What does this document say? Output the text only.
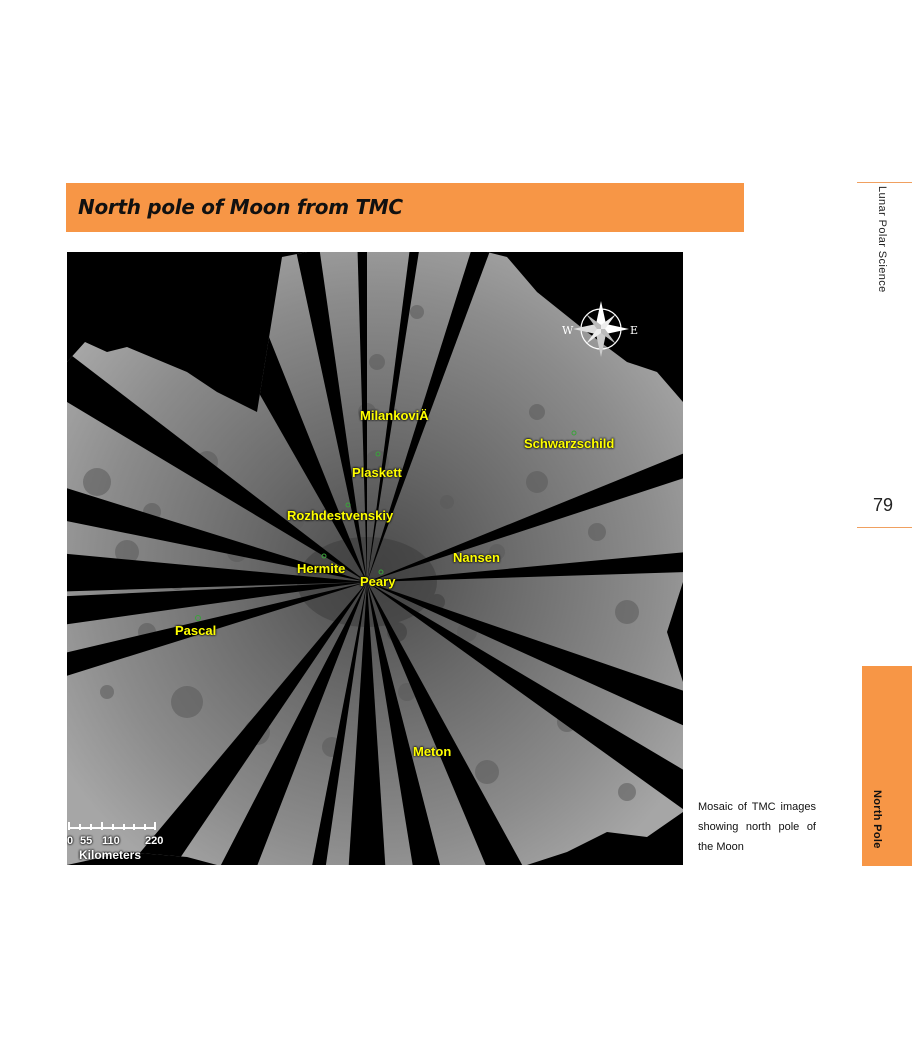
North pole of Moon from TMC	Lunar Polar Science
79
North Pole
W	E
MilankoviÄ
Schwarzschild
Plaskett
Rozhdestvenskiy
Nansen
Hermite
Peary
Pascal
Meton
0 55 110 220
Kilometers
Mosaic of TMC images showing north pole of the Moon
